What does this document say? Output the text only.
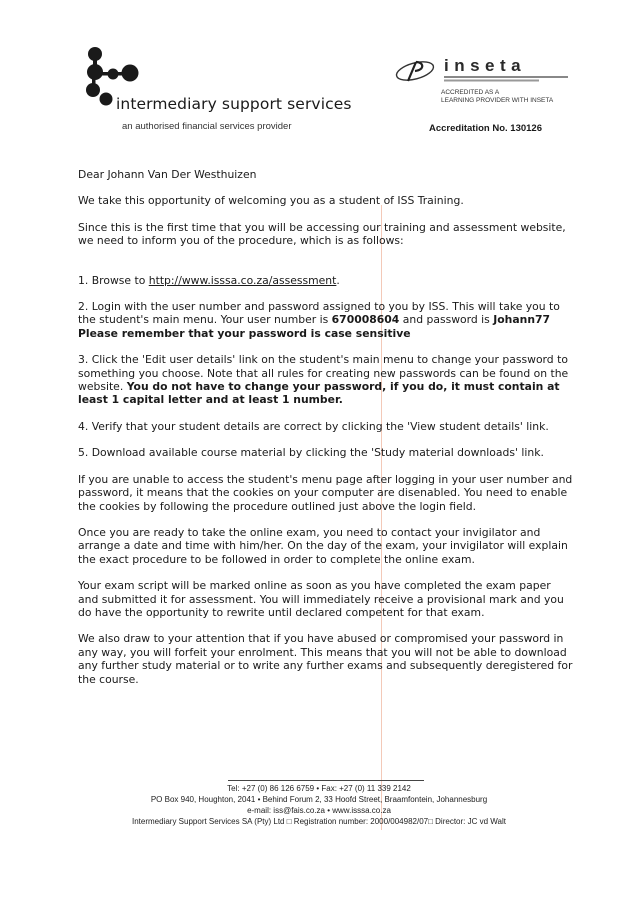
intermediary support services
an authorised financial services provider
inseta
ACCREDITED AS A
LEARNING PROVIDER WITH INSETA
Accreditation No. 130126

Dear Johann Van Der Westhuizen

We take this opportunity of welcoming you as a student of ISS Training.

Since this is the first time that you will be accessing our training and assessment website, we need to inform you of the procedure, which is as follows:

1. Browse to http://www.isssa.co.za/assessment.

2. Login with the user number and password assigned to you by ISS. This will take you to the student's main menu. Your user number is 670008604 and password is Johann77
Please remember that your password is case sensitive

3. Click the 'Edit user details' link on the student's main menu to change your password to something you choose. Note that all rules for creating new passwords can be found on the website. You do not have to change your password, if you do, it must contain at least 1 capital letter and at least 1 number.

4. Verify that your student details are correct by clicking the 'View student details' link.

5. Download available course material by clicking the 'Study material downloads' link.

If you are unable to access the student's menu page after logging in your user number and password, it means that the cookies on your computer are disenabled. You need to enable the cookies by following the procedure outlined just above the login field.

Once you are ready to take the online exam, you need to contact your invigilator and arrange a date and time with him/her. On the day of the exam, your invigilator will explain the exact procedure to be followed in order to complete the online exam.

Your exam script will be marked online as soon as you have completed the exam paper and submitted it for assessment. You will immediately receive a provisional mark and you do have the opportunity to rewrite until declared competent for that exam.

We also draw to your attention that if you have abused or compromised your password in any way, you will forfeit your enrolment. This means that you will not be able to download any further study material or to write any further exams and subsequently deregistered for the course.

Tel: +27 (0) 86 126 6759 • Fax: +27 (0) 11 339 2142
PO Box 940, Houghton, 2041 • Behind Forum 2, 33 Hoofd Street, Braamfontein, Johannesburg
e-mail: iss@fais.co.za • www.isssa.co.za
Intermediary Support Services SA (Pty) Ltd □ Registration number: 2000/004982/07□ Director: JC vd Walt
